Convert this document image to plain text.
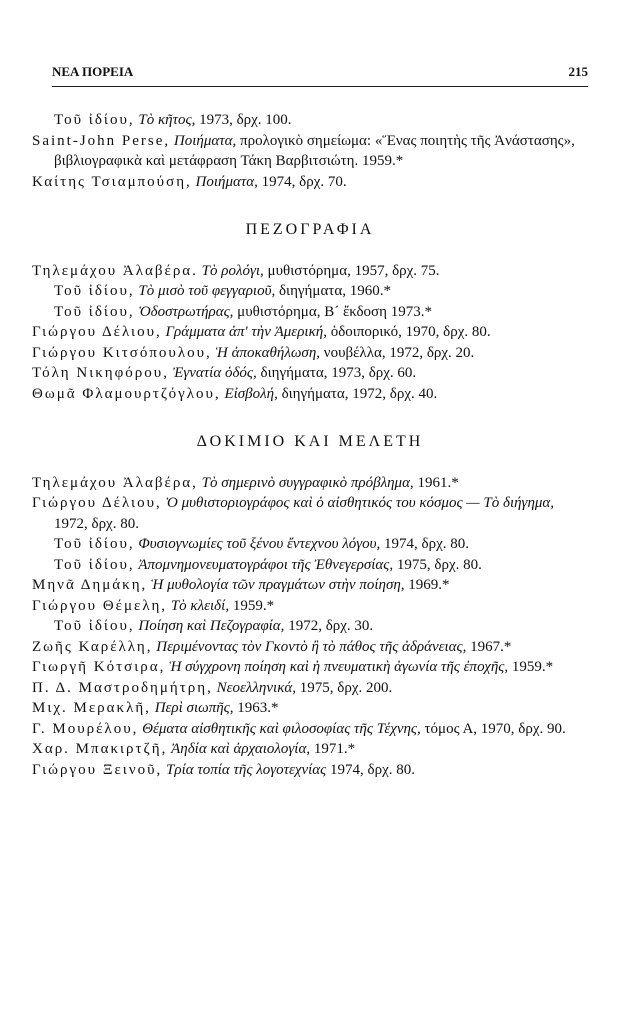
ΝΕΑ ΠΟΡΕΙΑ	215
Τοῦ ἰδίου, Τὸ κῆτος, 1973, δρχ. 100.
Saint-John Perse, Ποιήματα, προλογικὸ σημείωμα: «Ἕνας ποιητὴς τῆς Ἀνάστασης», βιβλιογραφικὰ καὶ μετάφραση Τάκη Βαρβιτσιώτη. 1959.*
Καίτης Τσιαμπούση, Ποιήματα, 1974, δρχ. 70.
ΠΕΖΟΓΡΑΦΙΑ
Τηλεμάχου Ἀλαβέρα. Τὸ ρολόγι, μυθιστόρημα, 1957, δρχ. 75.
Τοῦ ἰδίου, Τὸ μισὸ τοῦ φεγγαριοῦ, διηγήματα, 1960.*
Τοῦ ἰδίου, Ὁδοστρωτήρας, μυθιστόρημα, Β´ ἔκδοση 1973.*
Γιώργου Δέλιου, Γράμματα ἀπ' τὴν Ἀμερική, ὁδοιπορικό, 1970, δρχ. 80.
Γιώργου Κιτσόπουλου, Ἡ ἀποκαθήλωση, νουβέλλα, 1972, δρχ. 20.
Τόλη Νικηφόρου, Ἐγνατία ὁδός, διηγήματα, 1973, δρχ. 60.
Θωμᾶ Φλαμουρτζόγλου, Εἰσβολή, διηγήματα, 1972, δρχ. 40.
ΔΟΚΙΜΙΟ ΚΑΙ ΜΕΛΕΤΗ
Τηλεμάχου Ἀλαβέρα, Τὸ σημερινὸ συγγραφικὸ πρόβλημα, 1961.*
Γιώργου Δέλιου, Ὁ μυθιστοριογράφος καὶ ὁ αἰσθητικός του κόσμος — Τὸ διήγημα, 1972, δρχ. 80.
Τοῦ ἰδίου, Φυσιογνωμίες τοῦ ξένου ἔντεχνου λόγου, 1974, δρχ. 80.
Τοῦ ἰδίου, Ἀπομνημονευματογράφοι τῆς Ἐθνεγερσίας, 1975, δρχ. 80.
Μηνᾶ Δημάκη, Ἡ μυθολογία τῶν πραγμάτων στὴν ποίηση, 1969.*
Γιώργου Θέμελη, Τὸ κλειδί, 1959.*
Τοῦ ἰδίου, Ποίηση καὶ Πεζογραφία, 1972, δρχ. 30.
Ζωῆς Καρέλλη, Περιμένοντας τὸν Γκοντὸ ἢ τὸ πάθος τῆς ἀδράνειας, 1967.*
Γιωργῆ Κότσιρα, Ἡ σύγχρονη ποίηση καὶ ἡ πνευματικὴ ἀγωνία τῆς ἐποχῆς, 1959.*
Π. Δ. Μαστροδημήτρη, Νεοελληνικά, 1975, δρχ. 200.
Μιχ. Μερακλῆ, Περὶ σιωπῆς, 1963.*
Γ. Μουρέλου, Θέματα αἰσθητικῆς καὶ φιλοσοφίας τῆς Τέχνης, τόμος Α, 1970, δρχ. 90.
Χαρ. Μπακιρτζῆ, Ἀηδία καὶ ἀρχαιολογία, 1971.*
Γιώργου Ξεινοῦ, Τρία τοπία τῆς λογοτεχνίας 1974, δρχ. 80.
